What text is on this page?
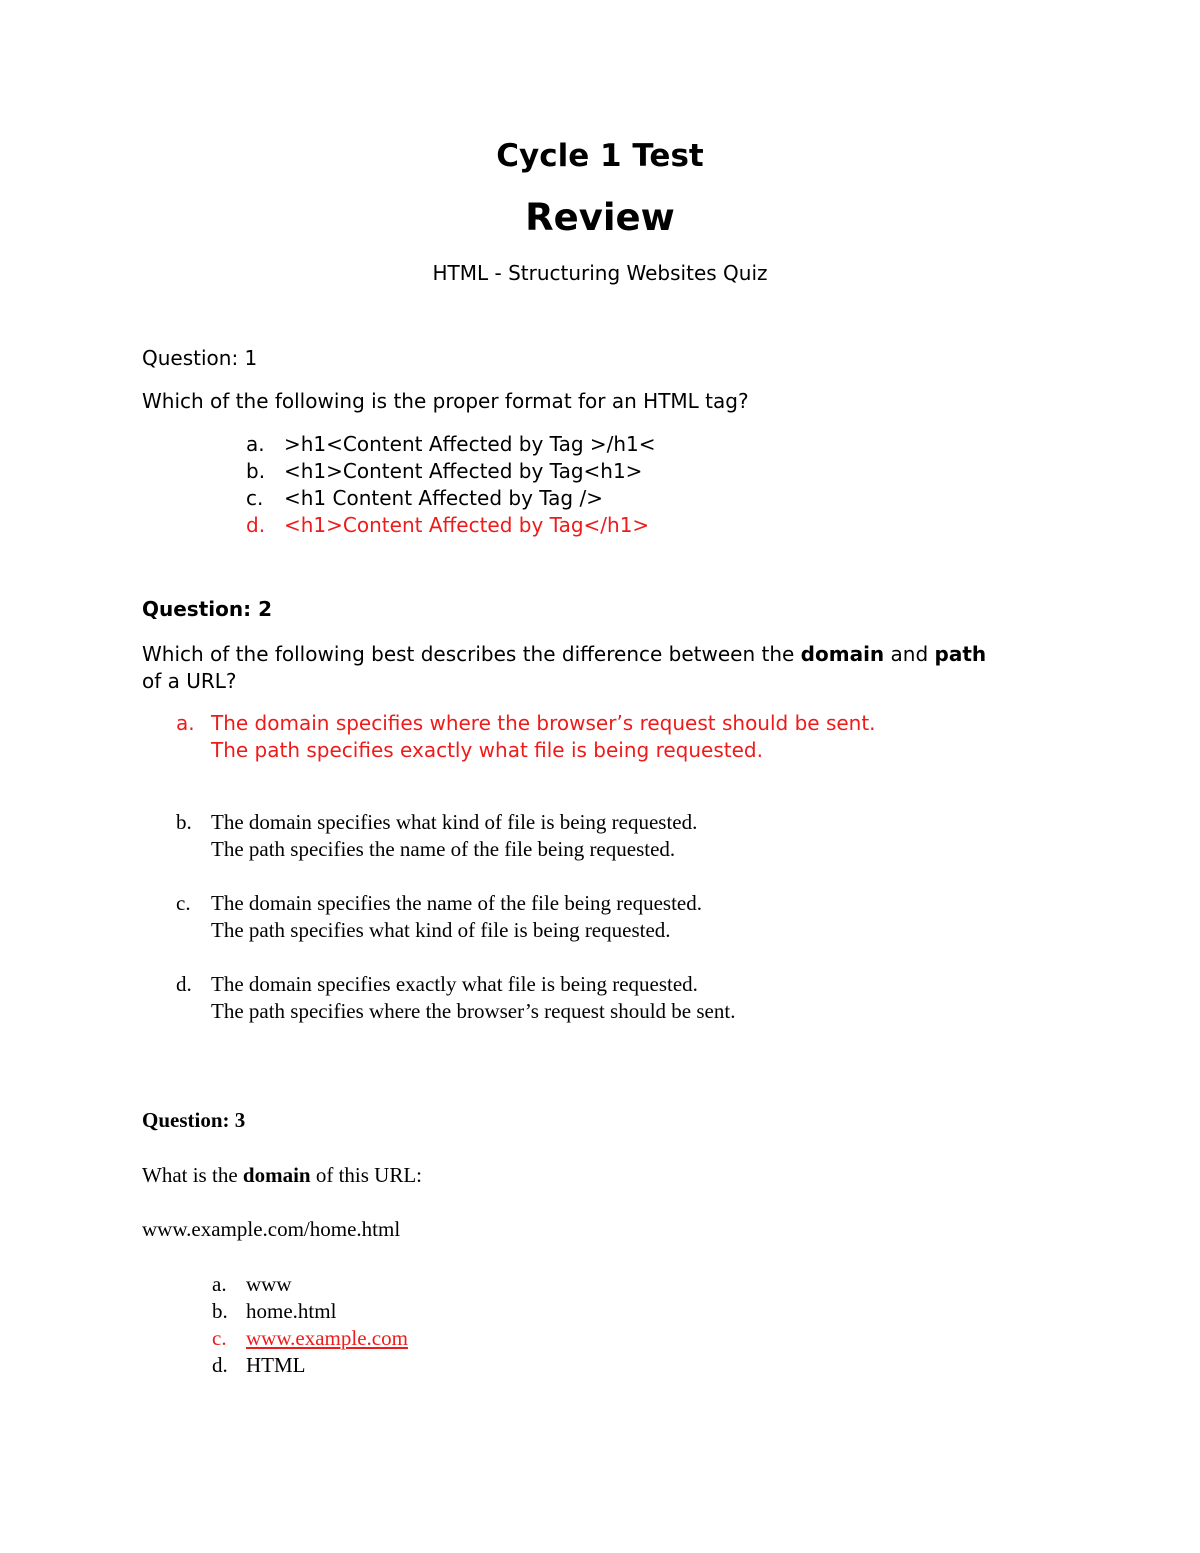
Cycle 1 Test
Review
HTML - Structuring Websites Quiz
Question: 1
Which of the following is the proper format for an HTML tag?
a. >h1<Content Affected by Tag >/h1<
b. <h1>Content Affected by Tag<h1>
c. <h1 Content Affected by Tag />
d. <h1>Content Affected by Tag</h1>
Question: 2
Which of the following best describes the difference between the domain and path
of a URL?
a. The domain specifies where the browser’s request should be sent.
The path specifies exactly what file is being requested.
b. The domain specifies what kind of file is being requested.
The path specifies the name of the file being requested.
c. The domain specifies the name of the file being requested.
The path specifies what kind of file is being requested.
d. The domain specifies exactly what file is being requested.
The path specifies where the browser’s request should be sent.
Question: 3
What is the domain of this URL:
www.example.com/home.html
a. www
b. home.html
c. www.example.com
d. HTML
